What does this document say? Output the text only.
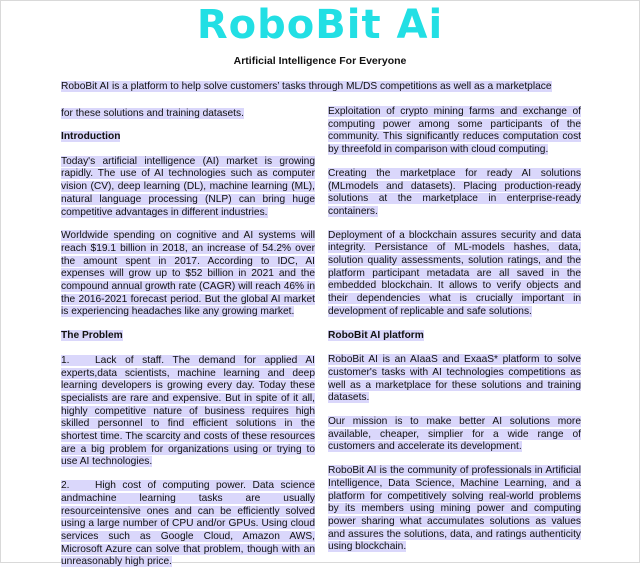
RoboBit Ai
Artificial Intelligence For Everyone
RoboBit AI is a platform to help solve customers’ tasks through ML/DS competitions as well as a marketplace
for these solutions and training datasets.
Introduction

Today's artificial intelligence (AI) market is growing rapidly. The use of AI technologies such as computer vision (CV), deep learning (DL), machine learning (ML), natural language processing (NLP) can bring huge competitive advantages in different industries.

Worldwide spending on cognitive and AI systems will reach $19.1 billion in 2018, an increase of 54.2% over the amount spent in 2017. According to IDC, AI expenses will grow up to $52 billion in 2021 and the compound annual growth rate (CAGR) will reach 46% in the 2016-2021 forecast period. But the global AI market is experiencing headaches like any growing market.

The Problem

1.	Lack of staff. The demand for applied AI experts,data scientists, machine learning and deep learning developers is growing every day. Today these specialists are rare and expensive. But in spite of it all, highly competitive nature of business requires high skilled personnel to find efficient solutions in the shortest time. The scarcity and costs of these resources are a big problem for organizations using or trying to use AI technologies.

2.	High cost of computing power. Data science andmachine learning tasks are usually resourceintensive ones and can be efficiently solved using a large number of CPU and/or GPUs. Using cloud services such as Google Cloud, Amazon AWS, Microsoft Azure can solve that problem, though with an unreasonably high price.

Exploitation of crypto mining farms and exchange of computing power among some participants of the community. This significantly reduces computation cost by threefold in comparison with cloud computing.

Creating the marketplace for ready AI solutions (MLmodels and datasets). Placing production-ready solutions at the marketplace in enterprise-ready containers.

Deployment of a blockchain assures security and data integrity. Persistance of ML-models hashes, data, solution quality assessments, solution ratings, and the platform participant metadata are all saved in the embedded blockchain. It allows to verify objects and their dependencies what is crucially important in development of replicable and safe solutions.

RoboBit AI platform

RoboBit AI is an AIaaS and ExaaS* platform to solve customer's tasks with AI technologies competitions as well as a marketplace for these solutions and training datasets.

Our mission is to make better AI solutions more available, cheaper, simplier for a wide range of customers and accelerate its development.

RoboBit AI is the community of professionals in Artificial Intelligence, Data Science, Machine Learning, and a platform for competitively solving real-world problems by its members using mining power and computing power sharing what accumulates solutions as values and assures the solutions, data, and ratings authenticity using blockchain.
